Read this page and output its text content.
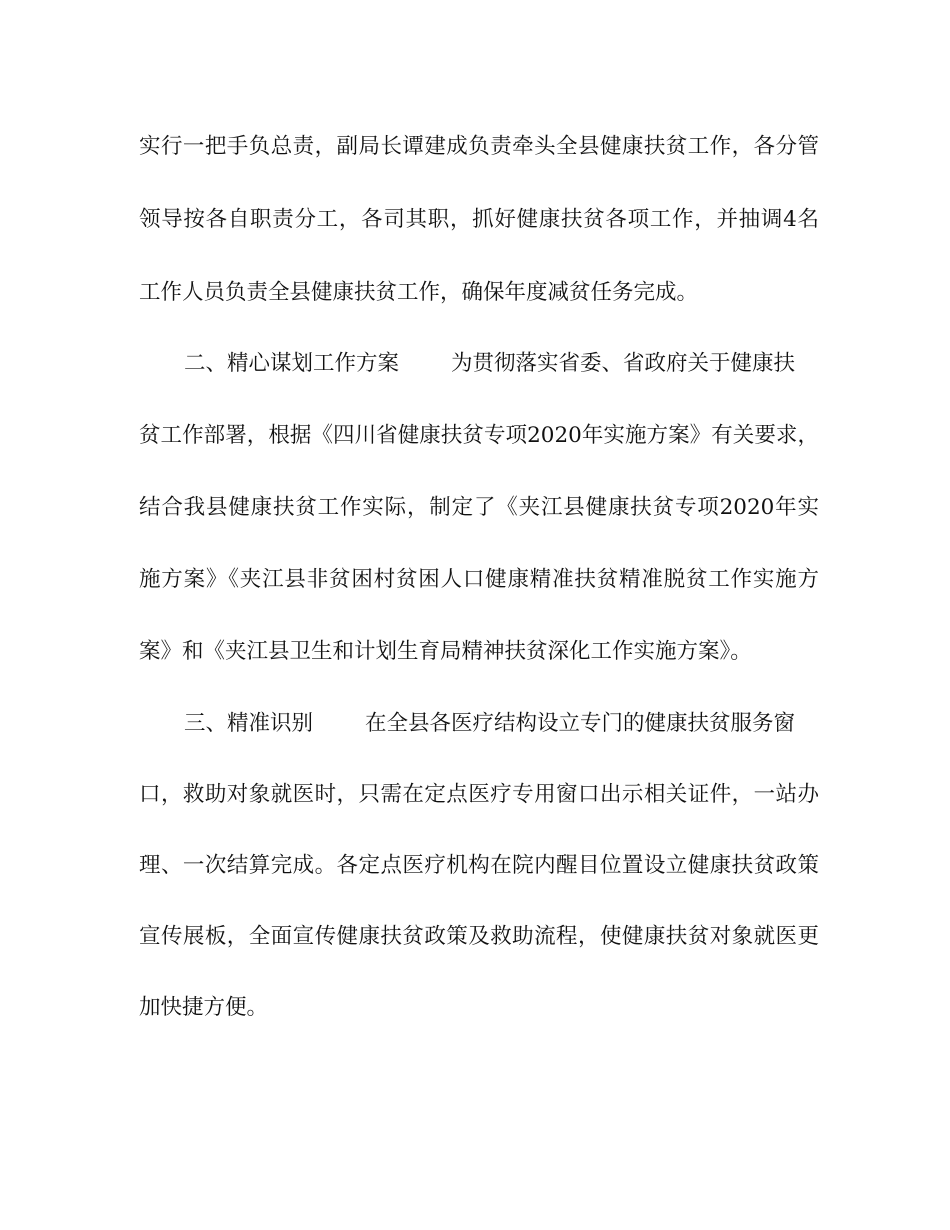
实行一把手负总责，副局长谭建成负责牵头全县健康扶贫工作，各分管
领导按各自职责分工，各司其职，抓好健康扶贫各项工作，并抽调4名
工作人员负责全县健康扶贫工作，确保年度减贫任务完成。
二、精心谋划工作方案 为贯彻落实省委、省政府关于健康扶
贫工作部署，根据《四川省健康扶贫专项2020年实施方案》有关要求，
结合我县健康扶贫工作实际，制定了《夹江县健康扶贫专项2020年实
施方案》《夹江县非贫困村贫困人口健康精准扶贫精准脱贫工作实施方
案》和《夹江县卫生和计划生育局精神扶贫深化工作实施方案》。
三、精准识别 在全县各医疗结构设立专门的健康扶贫服务窗
口，救助对象就医时，只需在定点医疗专用窗口出示相关证件，一站办
理、一次结算完成。各定点医疗机构在院内醒目位置设立健康扶贫政策
宣传展板，全面宣传健康扶贫政策及救助流程，使健康扶贫对象就医更
加快捷方便。
